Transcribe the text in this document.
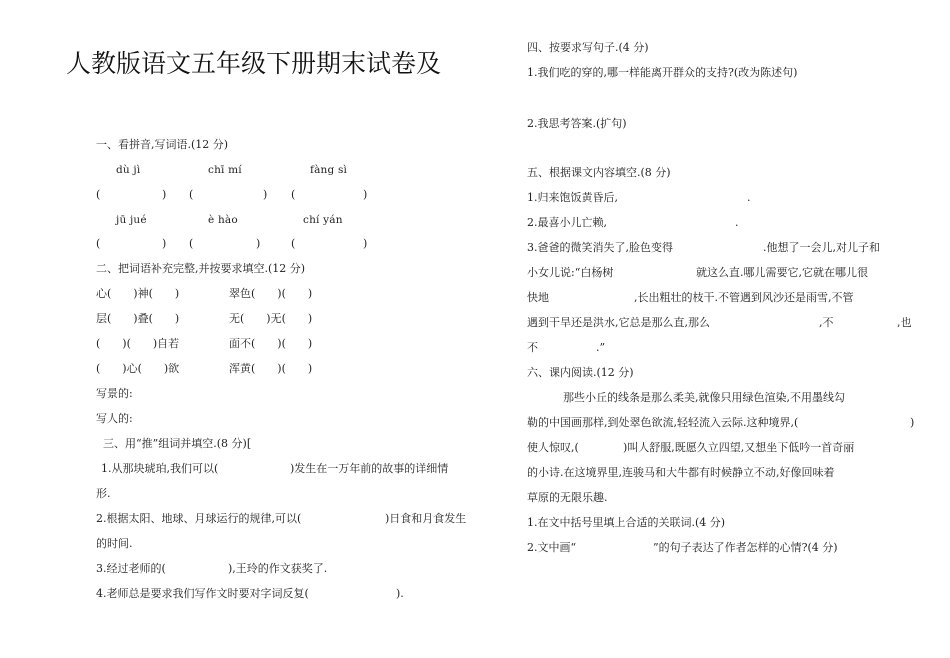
人教版语文五年级下册期末试卷及
一、看拼音,写词语.(12 分)
dù jì	chī mí	fàng sì
(	) (	) (	)
jū jué	è hào	chí yán
(	) (	)	(	)
二、把词语补充完整,并按要求填空.(12 分)
心(　　)神(　　)	翠色(　　)(　　)
层(　　)叠(　　)	无(　　)无(　　)
(　　)(　　)自若	面不(　　)(　　)
(　　)心(　　)欲	浑黄(　　)(　　)
写景的:
写人的:
三、用“推”组词并填空.(8 分)[
1.从那块琥珀,我们可以(	)发生在一万年前的故事的详细情
形.
2.根据太阳、地球、月球运行的规律,可以(	)日食和月食发生
的时间.
3.经过老师的(	),王玲的作文获奖了.
4.老师总是要求我们写作文时要对字词反复(	).
四、按要求写句子.(4 分)
1.我们吃的穿的,哪一样能离开群众的支持?(改为陈述句)
2.我思考答案.(扩句)
五、根据课文内容填空.(8 分)
1.归来饱饭黄昏后,	.
2.最喜小儿亡赖,	.
3.爸爸的微笑消失了,脸色变得	.他想了一会儿,对儿子和
小女儿说:“白杨树	就这么直.哪儿需要它,它就在哪儿很
快地	,长出粗壮的枝干.不管遇到风沙还是雨雪,不管
遇到干旱还是洪水,它总是那么直,那么	,不	,也
不	.”
六、课内阅读.(12 分)
那些小丘的线条是那么柔美,就像只用绿色渲染,不用墨线勾
勒的中国画那样,到处翠色欲流,轻轻流入云际.这种境界,(	)
使人惊叹,(	)叫人舒服,既愿久立四望,又想坐下低吟一首奇丽
的小诗.在这境界里,连骏马和大牛都有时候静立不动,好像回味着
草原的无限乐趣.
1.在文中括号里填上合适的关联词.(4 分)
2.文中画“	”的句子表达了作者怎样的心情?(4 分)
